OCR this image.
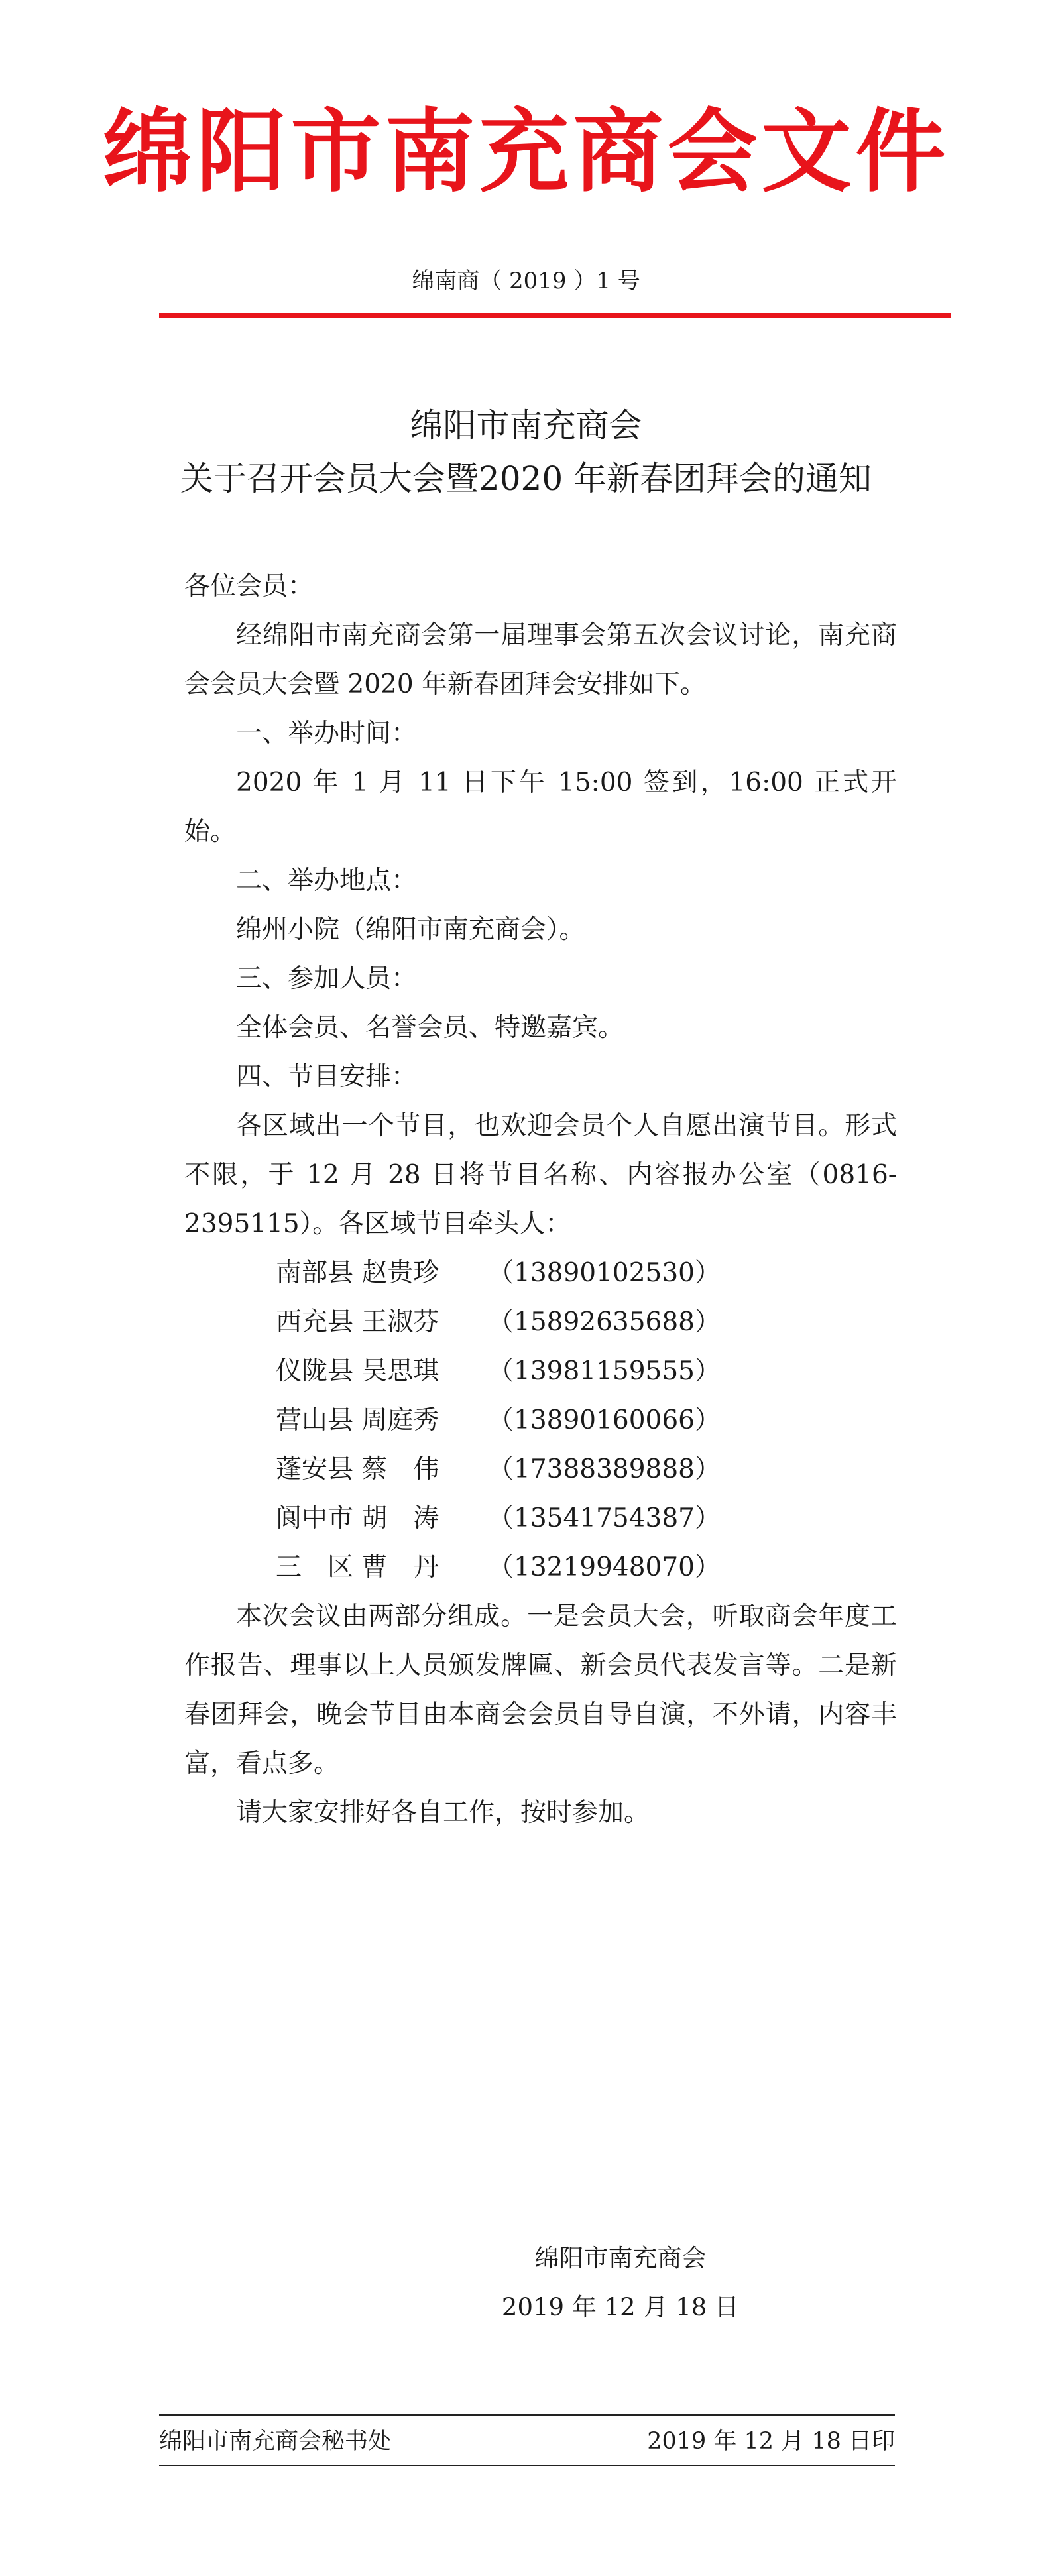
绵阳市南充商会文件
绵南商（ 2019 ）1 号
绵阳市南充商会
关于召开会员大会暨2020 年新春团拜会的通知

各位会员：

经绵阳市南充商会第一届理事会第五次会议讨论，南充商会会员大会暨 2020 年新春团拜会安排如下。

一、举办时间：

2020 年 1 月 11 日下午 15:00 签到，16:00 正式开始。

二、举办地点：

绵州小院（绵阳市南充商会）。

三、参加人员：

全体会员、名誉会员、特邀嘉宾。

四、节目安排：

各区域出一个节目，也欢迎会员个人自愿出演节目。形式不限，于 12 月 28 日将节目名称、内容报办公室（0816-2395115）。各区域节目牵头人：

南部县 赵贵珍	（13890102530）
西充县 王淑芬	（15892635688）
仪陇县 吴思琪	（13981159555）
营山县 周庭秀	（13890160066）
蓬安县 蔡　伟	（17388389888）
阆中市 胡　涛	（13541754387）
三　区 曹　丹	（13219948070）

本次会议由两部分组成。一是会员大会，听取商会年度工作报告、理事以上人员颁发牌匾、新会员代表发言等。二是新春团拜会，晚会节目由本商会会员自导自演，不外请，内容丰富，看点多。

请大家安排好各自工作，按时参加。

绵阳市南充商会
2019 年 12 月 18 日
绵阳市南充商会秘书处	2019 年 12 月 18 日印
